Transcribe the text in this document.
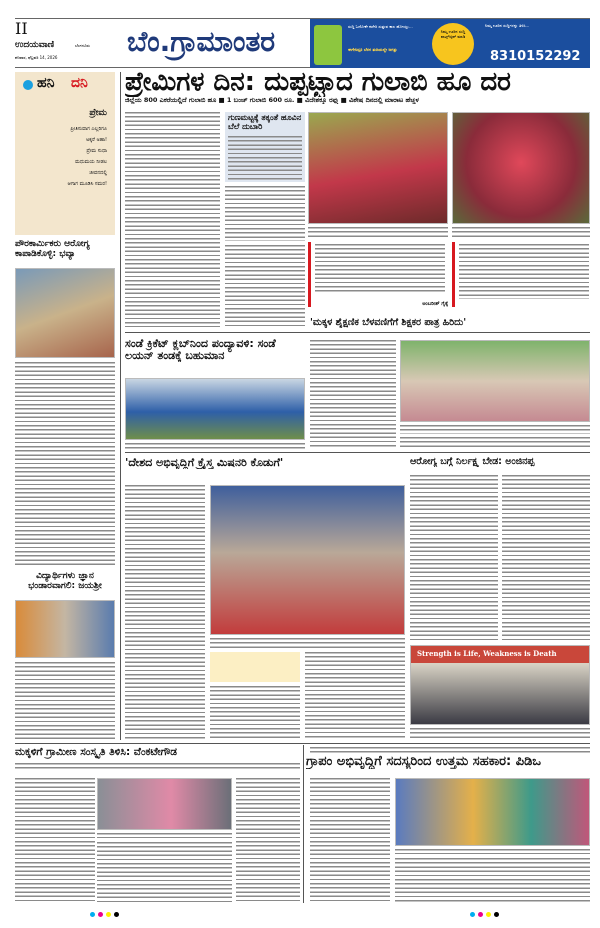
II
ಉದಯವಾಣಿ	ಬೆಂಗಳೂರು
ಶನಿವಾರ, ಫೆಬ್ರವರಿ 14, 2026 ಬೆಂ.ಗ್ರಾಮಾಂತರ	ಸುದ್ದಿ ಓದೋಕೇ ಕಚೇರಿ ಸುತ್ತುವ ಕಾಲ ಹೋಯ್ತು...
ಈಗೇನಿದ್ರೂ ಬೆರಳ ತುದಿಯಲ್ಲೇ ಜಗತ್ತು
ನಿಮ್ಮ ಊರಿನ ಸುದ್ದಿ ವಾಟ್ಸ್ಆ್ಯಪ್ ಮಾಡಿ
ನಿಮ್ಮ ಊರಿನ ಸುದ್ದಿಗಳನ್ನು ತಿಳಿಸಿ...
8310152292
ಹನಿ ದನಿ
ಪ್ರೇಮ
ಪ್ರೀತಿಸುವಾಗ ಎಲ್ಲರಿಗೂ
ಅಕ್ಕರೆ ಅಹಾ!
ಪ್ರೇಮ ಸುಧಾ
ಮಧುಮಯ ನೀಡಲ
ಜೀವನದಲ್ಲಿ
ಆಗಾಗ ಮೂಡಿಸಿ ಸಮರ!
ಪೌರಕಾರ್ಮಿಕರು ಆರೋಗ್ಯ ಕಾಪಾಡಿಕೊಳ್ಳಿ: ಭವ್ಯಾ
ವಿದ್ಯಾರ್ಥಿಗಳು ಜ್ಞಾನ ಭಂಡಾರವಾಗಲಿ: ಜಯಶ್ರೀ
ಪ್ರೇಮಿಗಳ ದಿನ: ದುಪ್ಪಟ್ಟಾದ ಗುಲಾಬಿ ಹೂ ದರ
ಜಿಲ್ಲೆಯ 800 ಎಕರೆಯಲ್ಲಿದೆ ಗುಲಾಬಿ ಹೂ ■ 1 ಬಂಚ್ ಗುಲಾಬಿ 600 ರೂ. ■ ವಿದೇಶಕ್ಕೂ ರಫ್ತು ■ ವಿಶೇಷ ದಿನದಲ್ಲಿ ಮಾರಾಟ ಹೆಚ್ಚಳ
ಗುಣಮಟ್ಟಕ್ಕೆ ತಕ್ಕಂತೆ ಹೂವಿನ ಬೆಲೆ ದುಬಾರಿ
ಅಂಬರೀಶ್ ಗೈಕ್ಕೆ
ಸಂಡೆ ಕ್ರಿಕೆಟ್ ಕ್ಲಬ್‌ನಿಂದ ಪಂದ್ಯಾವಳಿ: ಸಂಡೆ ಲಯನ್ ತಂಡಕ್ಕೆ ಬಹುಮಾನ
'ಮಕ್ಕಳ ಶೈಕ್ಷಣಿಕ ಬೆಳವಣಿಗೆಗೆ ಶಿಕ್ಷಕರ ಪಾತ್ರ ಹಿರಿದು'
'ದೇಶದ ಅಭಿವೃದ್ಧಿಗೆ ಕ್ರೈಸ್ತ ಮಿಷನರಿ ಕೊಡುಗೆ'	ಆರೋಗ್ಯ ಬಗ್ಗೆ ನಿರ್ಲಕ್ಷ್ಯ ಬೇಡ: ಅಂಜಿನಪ್ಪ
Strength is Life, Weakness is Death
ಮಕ್ಕಳಿಗೆ ಗ್ರಾಮೀಣ ಸಂಸ್ಕೃತಿ ತಿಳಿಸಿ: ವೆಂಕಟೇಗೌಡ
ಗ್ರಾಪಂ ಅಭಿವೃದ್ಧಿಗೆ ಸದಸ್ಯರಿಂದ ಉತ್ತಮ ಸಹಕಾರ: ಪಿಡಿಒ
